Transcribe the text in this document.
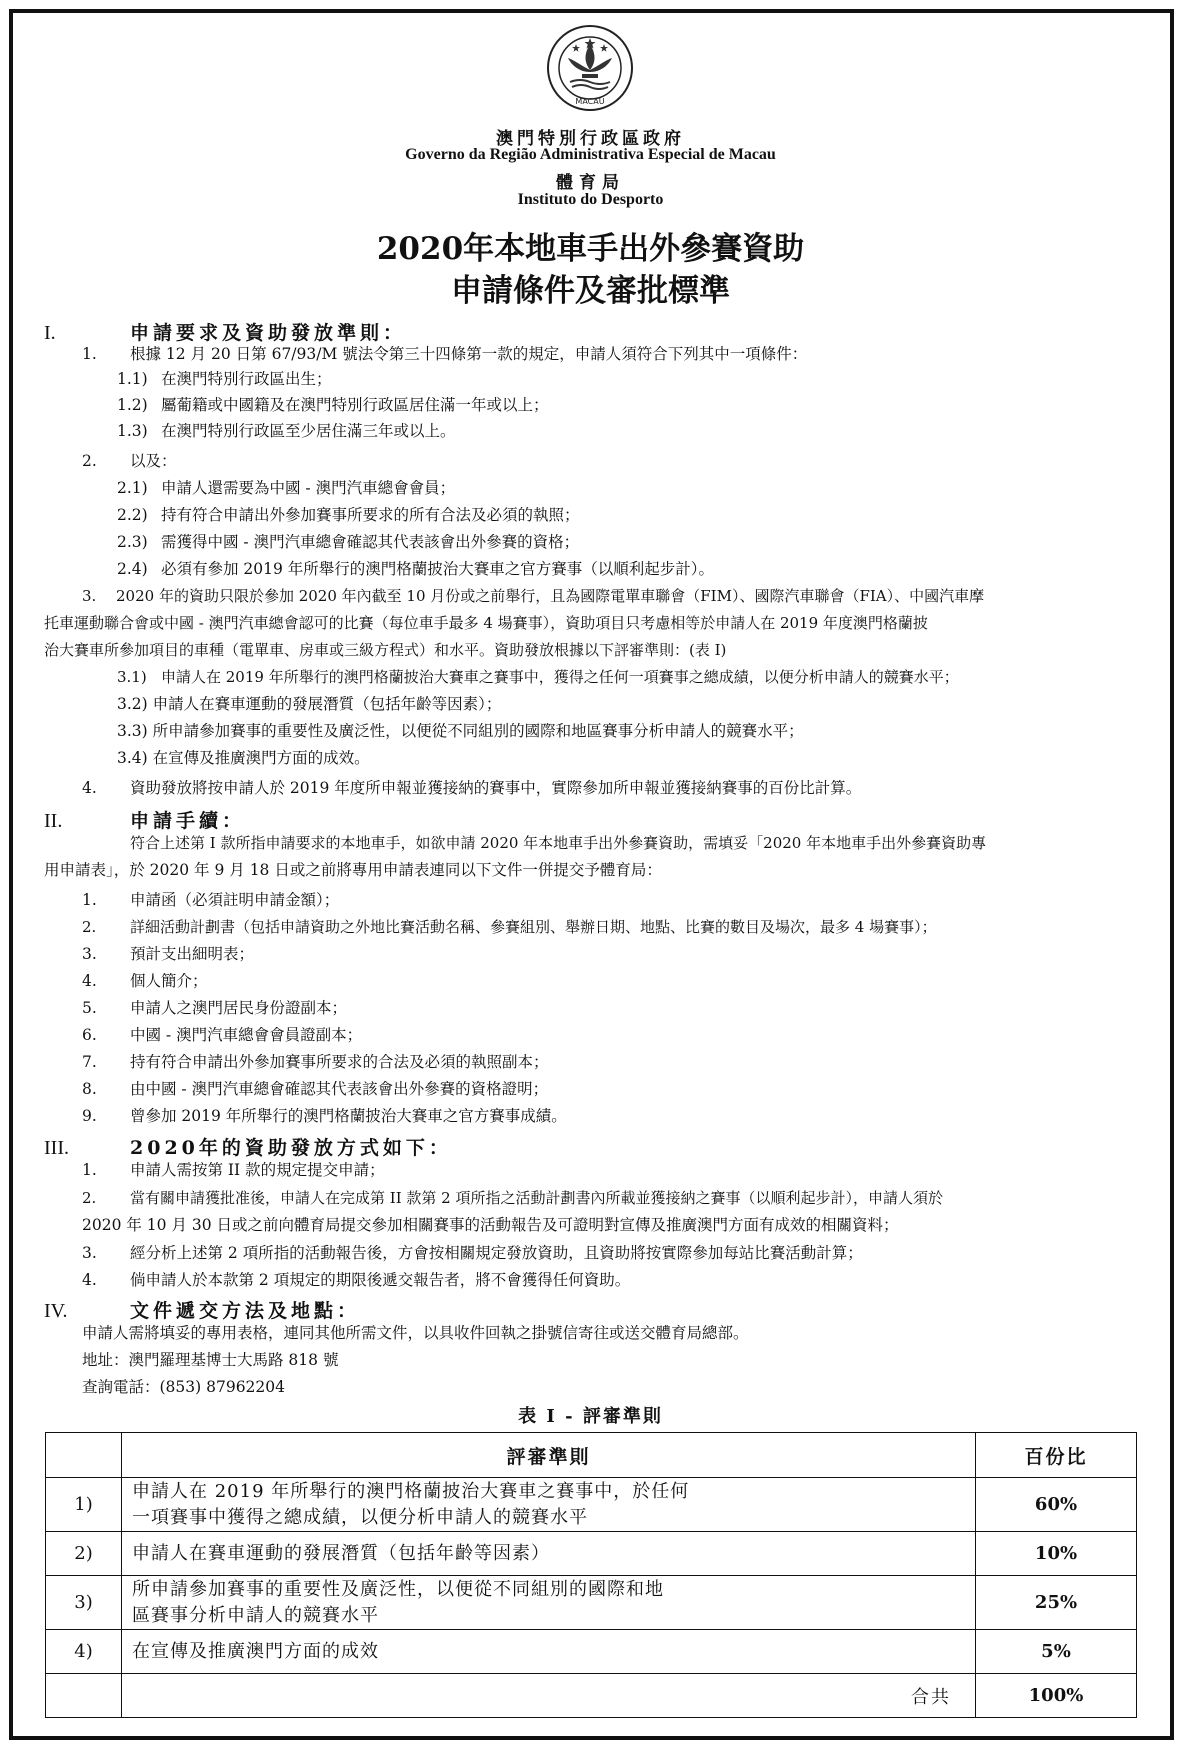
MACAU
澳門特別行政區政府
Governo da Região Administrativa Especial de Macau
體育局
Instituto do Desporto
2020年本地車手出外參賽資助
申請條件及審批標準
I.	申請要求及資助發放準則：
1. 根據 12 月 20 日第 67/93/M 號法令第三十四條第一款的規定，申請人須符合下列其中一項條件：
1.1) 在澳門特別行政區出生；
1.2) 屬葡籍或中國籍及在澳門特別行政區居住滿一年或以上；
1.3) 在澳門特別行政區至少居住滿三年或以上。
2. 以及：
2.1) 申請人還需要為中國 - 澳門汽車總會會員；
2.2) 持有符合申請出外參加賽事所要求的所有合法及必須的執照；
2.3) 需獲得中國 - 澳門汽車總會確認其代表該會出外參賽的資格；
2.4) 必須有參加 2019 年所舉行的澳門格蘭披治大賽車之官方賽事（以順利起步計）。
3. 2020 年的資助只限於參加 2020 年內截至 10 月份或之前舉行，且為國際電單車聯會（FIM）、國際汽車聯會（FIA）、中國汽車摩
托車運動聯合會或中國 - 澳門汽車總會認可的比賽（每位車手最多 4 場賽事），資助項目只考慮相等於申請人在 2019 年度澳門格蘭披
治大賽車所參加項目的車種（電單車、房車或三級方程式）和水平。資助發放根據以下評審準則：(表 I)
3.1) 申請人在 2019 年所舉行的澳門格蘭披治大賽車之賽事中，獲得之任何一項賽事之總成績，以便分析申請人的競賽水平；
3.2) 申請人在賽車運動的發展潛質（包括年齡等因素）；
3.3) 所申請參加賽事的重要性及廣泛性，以便從不同組別的國際和地區賽事分析申請人的競賽水平；
3.4) 在宣傳及推廣澳門方面的成效。
4. 資助發放將按申請人於 2019 年度所申報並獲接納的賽事中，實際參加所申報並獲接納賽事的百份比計算。
II.	申請手續：
符合上述第 I 款所指申請要求的本地車手，如欲申請 2020 年本地車手出外參賽資助，需填妥「2020 年本地車手出外參賽資助專
用申請表」，於 2020 年 9 月 18 日或之前將專用申請表連同以下文件一併提交予體育局：
1. 申請函（必須註明申請金額）；
2. 詳細活動計劃書（包括申請資助之外地比賽活動名稱、參賽組別、舉辦日期、地點、比賽的數目及場次，最多 4 場賽事）；
3. 預計支出細明表；
4. 個人簡介；
5. 申請人之澳門居民身份證副本；
6. 中國 - 澳門汽車總會會員證副本；
7. 持有符合申請出外參加賽事所要求的合法及必須的執照副本；
8. 由中國 - 澳門汽車總會確認其代表該會出外參賽的資格證明；
9. 曾參加 2019 年所舉行的澳門格蘭披治大賽車之官方賽事成績。
III.	2020年的資助發放方式如下：
1. 申請人需按第 II 款的規定提交申請；
2. 當有關申請獲批准後，申請人在完成第 II 款第 2 項所指之活動計劃書內所載並獲接納之賽事（以順利起步計），申請人須於
2020 年 10 月 30 日或之前向體育局提交參加相關賽事的活動報告及可證明對宣傳及推廣澳門方面有成效的相關資料；
3. 經分析上述第 2 項所指的活動報告後，方會按相關規定發放資助，且資助將按實際參加每站比賽活動計算；
4. 倘申請人於本款第 2 項規定的期限後遞交報告者，將不會獲得任何資助。
IV.	文件遞交方法及地點：
申請人需將填妥的專用表格，連同其他所需文件，以具收件回執之掛號信寄往或送交體育局總部。
地址：澳門羅理基博士大馬路 818 號
查詢電話：(853) 87962204
表 I - 評審準則
	評審準則	百份比
1)	申請人在 2019 年所舉行的澳門格蘭披治大賽車之賽事中，於任何
一項賽事中獲得之總成績，以便分析申請人的競賽水平	60%
2)	申請人在賽車運動的發展潛質（包括年齡等因素）	10%
3)	所申請參加賽事的重要性及廣泛性，以便從不同組別的國際和地
區賽事分析申請人的競賽水平	25%
4)	在宣傳及推廣澳門方面的成效	5%
	合共	100%
